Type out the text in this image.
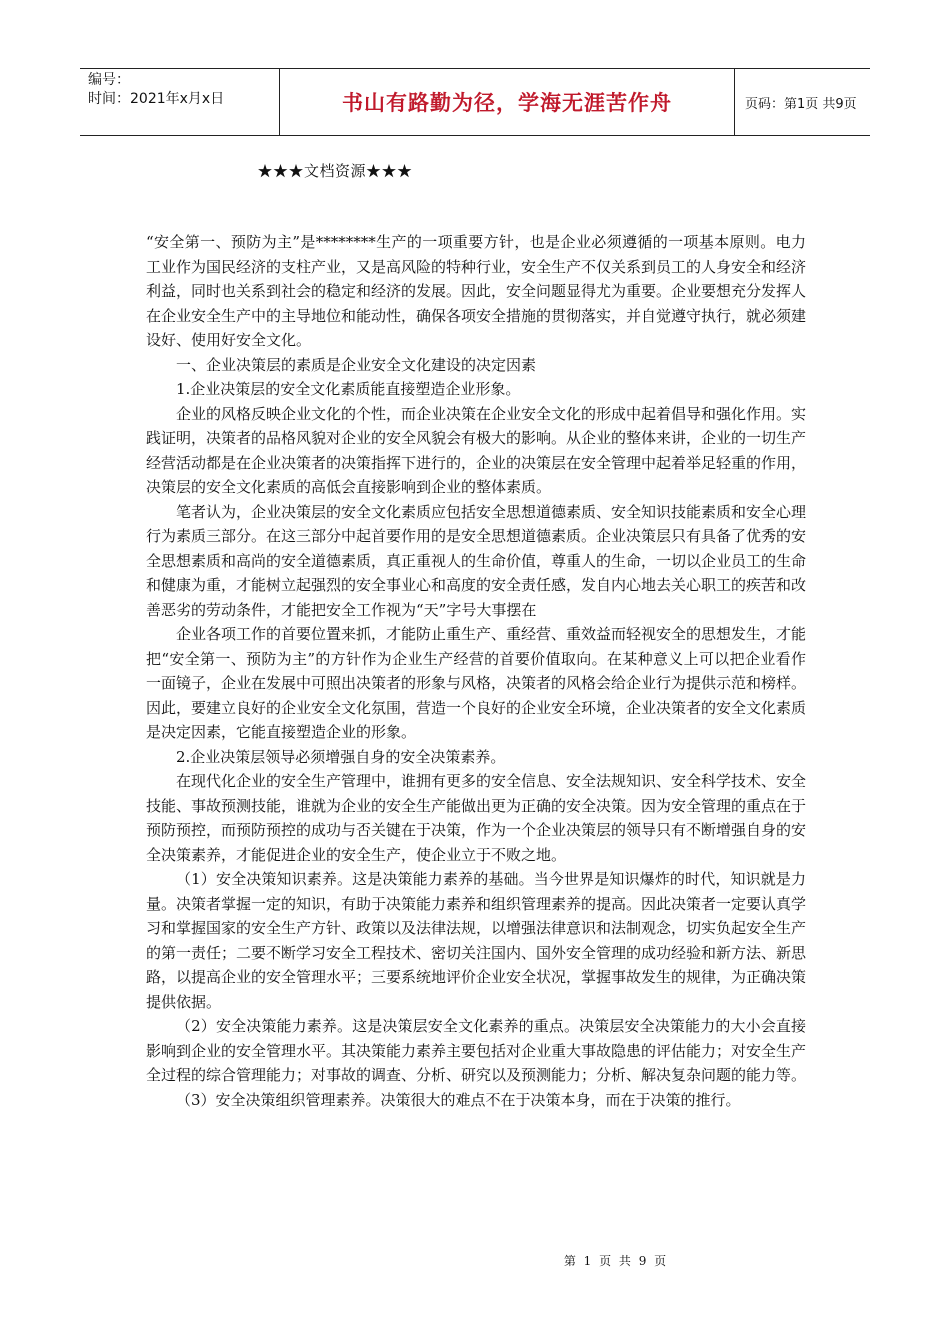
编号：
时间：2021年x月x日	书山有路勤为径，学海无涯苦作舟	页码：第1页 共9页
★★★文档资源★★★

“安全第一、预防为主”是********生产的一项重要方针，也是企业必须遵循的一项基本原则。电力工业作为国民经济的支柱产业，又是高风险的特种行业，安全生产不仅关系到员工的人身安全和经济利益，同时也关系到社会的稳定和经济的发展。因此，安全问题显得尤为重要。企业要想充分发挥人在企业安全生产中的主导地位和能动性，确保各项安全措施的贯彻落实，并自觉遵守执行，就必须建设好、使用好安全文化。

一、企业决策层的素质是企业安全文化建设的决定因素

1.企业决策层的安全文化素质能直接塑造企业形象。

企业的风格反映企业文化的个性，而企业决策在企业安全文化的形成中起着倡导和强化作用。实践证明，决策者的品格风貌对企业的安全风貌会有极大的影响。从企业的整体来讲，企业的一切生产经营活动都是在企业决策者的决策指挥下进行的，企业的决策层在安全管理中起着举足轻重的作用，决策层的安全文化素质的高低会直接影响到企业的整体素质。

笔者认为，企业决策层的安全文化素质应包括安全思想道德素质、安全知识技能素质和安全心理行为素质三部分。在这三部分中起首要作用的是安全思想道德素质。企业决策层只有具备了优秀的安全思想素质和高尚的安全道德素质，真正重视人的生命价值，尊重人的生命，一切以企业员工的生命和健康为重，才能树立起强烈的安全事业心和高度的安全责任感，发自内心地去关心职工的疾苦和改善恶劣的劳动条件，才能把安全工作视为“天”字号大事摆在

企业各项工作的首要位置来抓，才能防止重生产、重经营、重效益而轻视安全的思想发生，才能把“安全第一、预防为主”的方针作为企业生产经营的首要价值取向。在某种意义上可以把企业看作一面镜子，企业在发展中可照出决策者的形象与风格，决策者的风格会给企业行为提供示范和榜样。因此，要建立良好的企业安全文化氛围，营造一个良好的企业安全环境，企业决策者的安全文化素质是决定因素，它能直接塑造企业的形象。

2.企业决策层领导必须增强自身的安全决策素养。

在现代化企业的安全生产管理中，谁拥有更多的安全信息、安全法规知识、安全科学技术、安全技能、事故预测技能，谁就为企业的安全生产能做出更为正确的安全决策。因为安全管理的重点在于预防预控，而预防预控的成功与否关键在于决策，作为一个企业决策层的领导只有不断增强自身的安全决策素养，才能促进企业的安全生产，使企业立于不败之地。

（1）安全决策知识素养。这是决策能力素养的基础。当今世界是知识爆炸的时代，知识就是力量。决策者掌握一定的知识，有助于决策能力素养和组织管理素养的提高。因此决策者一定要认真学习和掌握国家的安全生产方针、政策以及法律法规，以增强法律意识和法制观念，切实负起安全生产的第一责任；二要不断学习安全工程技术、密切关注国内、国外安全管理的成功经验和新方法、新思路，以提高企业的安全管理水平；三要系统地评价企业安全状况，掌握事故发生的规律，为正确决策提供依据。

（2）安全决策能力素养。这是决策层安全文化素养的重点。决策层安全决策能力的大小会直接影响到企业的安全管理水平。其决策能力素养主要包括对企业重大事故隐患的评估能力；对安全生产全过程的综合管理能力；对事故的调查、分析、研究以及预测能力；分析、解决复杂问题的能力等。

（3）安全决策组织管理素养。决策很大的难点不在于决策本身，而在于决策的推行。

第 1 页 共 9 页
